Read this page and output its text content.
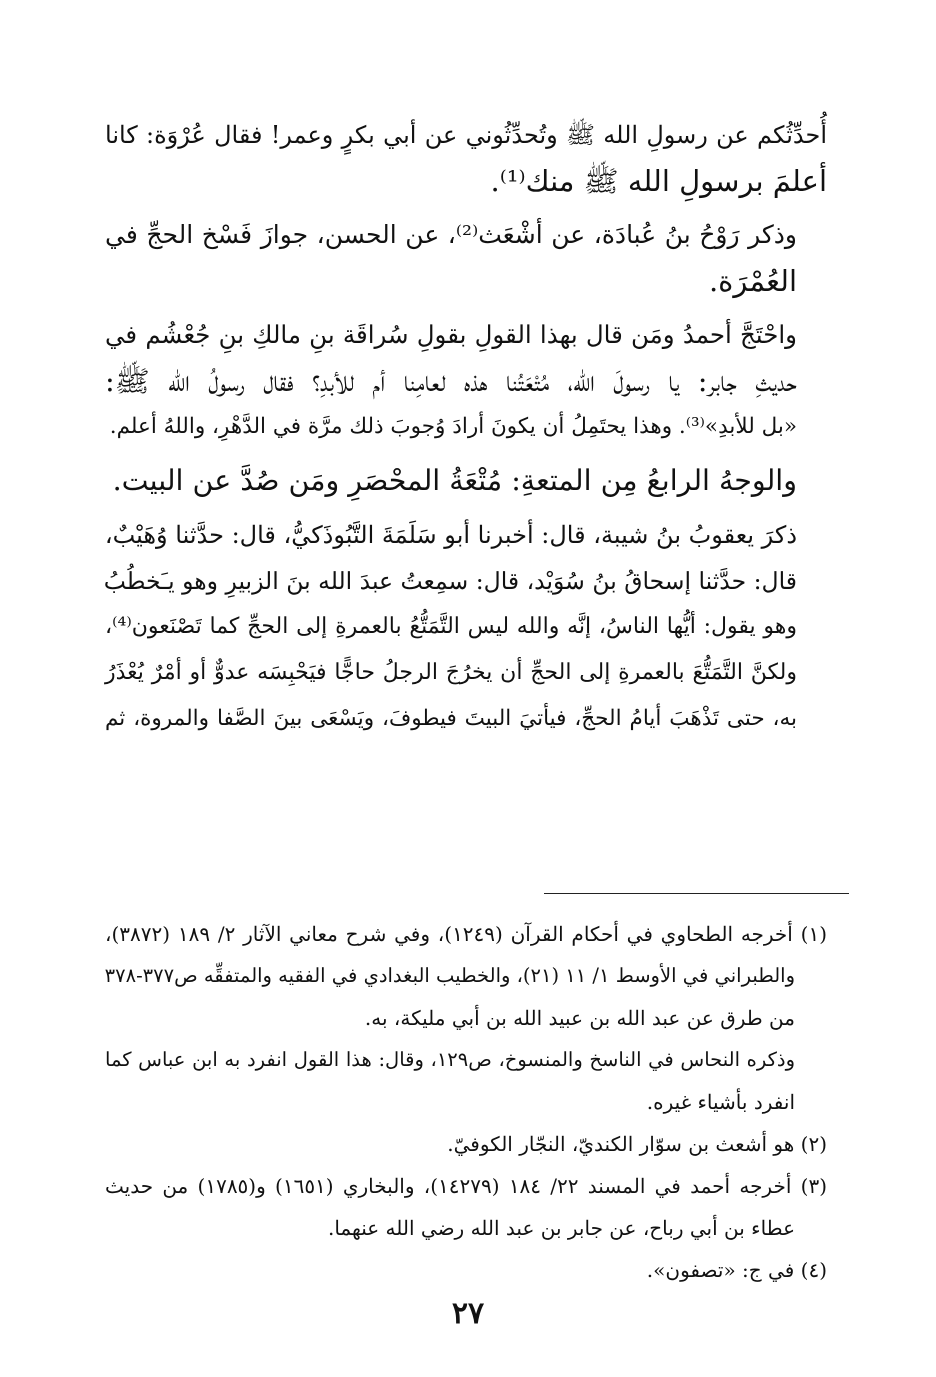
أُحدِّثُكم عن رسولِ الله ﷺ وتُحدِّثُوني عن أبي بكرٍ وعمر! فقال عُرْوَة: كانا
أعلمَ برسولِ الله ﷺ منك⁽¹⁾.
وذكر رَوْحُ بنُ عُبادَة، عن أشْعَث⁽²⁾، عن الحسن، جوازَ فَسْخ الحجِّ في
العُمْرَة.
واحْتَجَّ أحمدُ ومَن قال بهذا القولِ بقولِ سُراقَة بنِ مالكِ بنِ جُعْشُم في
حديثِ جابر: يا رسولَ الله، مُتْعَتُنا هذه لعامِنا أم للأبدِ؟ فقال رسولُ الله ﷺ:
«بل للأبدِ»⁽³⁾. وهذا يحتَمِلُ أن يكونَ أرادَ وُجوبَ ذلك مرَّة في الدَّهْرِ، واللهُ أعلم.
والوجهُ الرابعُ مِن المتعةِ: مُتْعَةُ المحْصَرِ ومَن صُدَّ عن البيت.
ذكرَ يعقوبُ بنُ شيبة، قال: أخبرنا أبو سَلَمَةَ التَّبُوذَكيُّ، قال: حدَّثنا وُهَيْبٌ،
قال: حدَّثنا إسحاقُ بنُ سُوَيْد، قال: سمِعتُ عبدَ الله بنَ الزبيرِ وهو يـَخطُبُ
وهو يقول: أيُّها الناسُ، إنَّه والله ليس التَّمَتُّعُ بالعمرةِ إلى الحجِّ كما تَصْنَعون⁽⁴⁾،
ولكنَّ التَّمَتُّعَ بالعمرةِ إلى الحجِّ أن يخرُجَ الرجلُ حاجًّا فيَحْبِسَه عدوٌّ أو أمْرٌ يُعْذَرُ
به، حتى تَذْهَبَ أيامُ الحجِّ، فيأتيَ البيتَ فيطوفَ، ويَسْعَى بينَ الصَّفا والمروة، ثم
(١) أخرجه الطحاوي في أحكام القرآن (١٢٤٩)، وفي شرح معاني الآثار ٢/ ١٨٩ (٣٨٧٢)،
والطبراني في الأوسط ١/ ١١ (٢١)، والخطيب البغدادي في الفقيه والمتفقِّه ص٣٧٧-٣٧٨
من طرق عن عبد الله بن عبيد الله بن أبي مليكة، به.
وذكره النحاس في الناسخ والمنسوخ، ص١٢٩، وقال: هذا القول انفرد به ابن عباس كما
انفرد بأشياء غيره.
(٢) هو أشعث بن سوّار الكنديّ، النجّار الكوفيّ.
(٣) أخرجه أحمد في المسند ٢٢/ ١٨٤ (١٤٢٧٩)، والبخاري (١٦٥١) و(١٧٨٥) من حديث
عطاء بن أبي رباح، عن جابر بن عبد الله رضي الله عنهما.
(٤) في ج: «تصفون».
٢٧
